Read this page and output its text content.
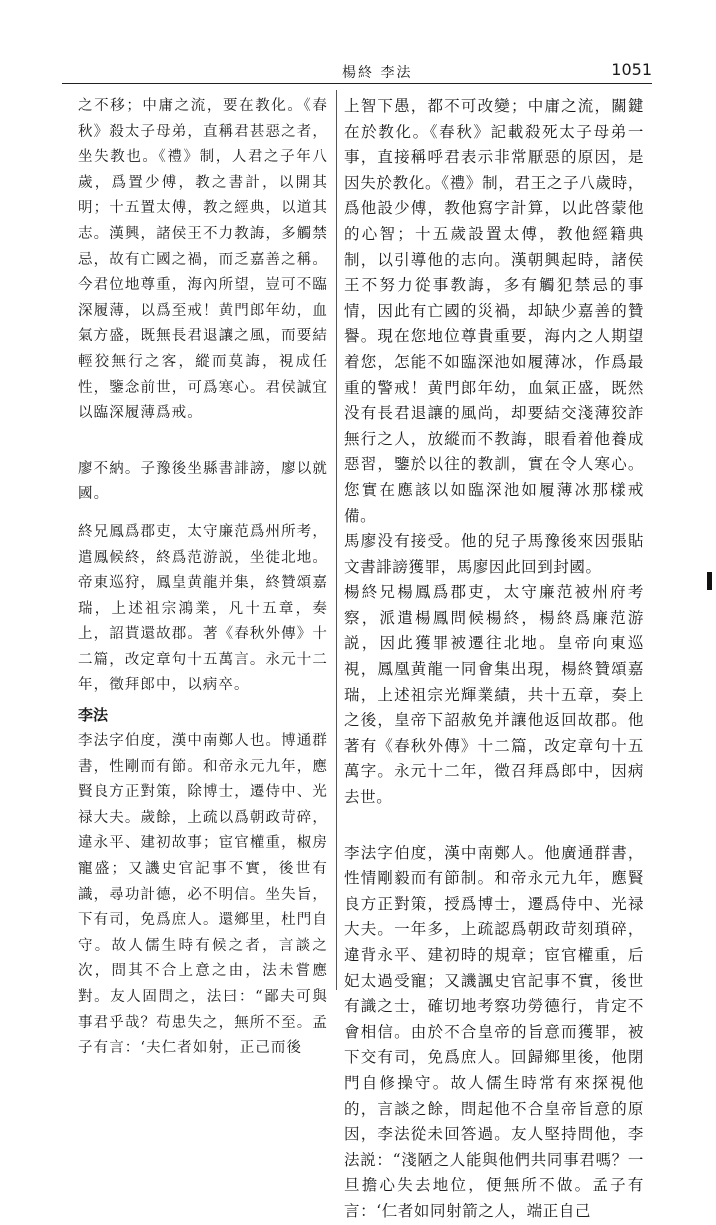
楊終 李法	1051

之不移；中庸之流，要在教化。《春秋》殺太子母弟，直稱君甚惡之者，坐失教也。《禮》制，人君之子年八歲，爲置少傅，教之書計，以開其明；十五置太傅，教之經典，以道其志。漢興，諸侯王不力教誨，多觸禁忌，故有亡國之禍，而乏嘉善之稱。今君位地尊重，海內所望，豈可不臨深履薄，以爲至戒！黄門郎年幼，血氣方盛，既無長君退讓之風，而要結輕狡無行之客，縱而莫誨，視成任性，鑒念前世，可爲寒心。君侯誠宜以臨深履薄爲戒。

廖不納。子豫後坐縣書誹謗，廖以就國。

終兄鳳爲郡吏，太守廉范爲州所考，遣鳳候終，終爲范游説，坐徙北地。帝東巡狩，鳳皇黄龍并集，終贊頌嘉瑞，上述祖宗鴻業，凡十五章，奏上，詔貰還故郡。著《春秋外傳》十二篇，改定章句十五萬言。永元十二年，徵拜郎中，以病卒。

李法

李法字伯度，漢中南鄭人也。博通群書，性剛而有節。和帝永元九年，應賢良方正對策，除博士，遷侍中、光禄大夫。歲餘，上疏以爲朝政苛碎，違永平、建初故事；宦官權重，椒房寵盛；又譏史官記事不實，後世有識，尋功計德，必不明信。坐失旨，下有司，免爲庶人。還鄉里，杜門自守。故人儒生時有候之者，言談之次，問其不合上意之由，法未嘗應對。友人固問之，法曰：“鄙夫可與事君乎哉？苟患失之，無所不至。孟子有言：‘夫仁者如射，正己而後

上智下愚，都不可改變；中庸之流，關鍵在於教化。《春秋》記載殺死太子母弟一事，直接稱呼君表示非常厭惡的原因，是因失於教化。《禮》制，君王之子八歲時，爲他設少傅，教他寫字計算，以此啓蒙他的心智；十五歲設置太傅，教他經籍典制，以引導他的志向。漢朝興起時，諸侯王不努力從事教誨，多有觸犯禁忌的事情，因此有亡國的災禍，却缺少嘉善的贊譽。現在您地位尊貴重要，海内之人期望着您，怎能不如臨深池如履薄冰，作爲最重的警戒！黄門郎年幼，血氣正盛，既然没有長君退讓的風尚，却要結交淺薄狡詐無行之人，放縱而不教誨，眼看着他養成惡習，鑒於以往的教訓，實在令人寒心。您實在應該以如臨深池如履薄冰那樣戒備。

馬廖没有接受。他的兒子馬豫後來因張貼文書誹謗獲罪，馬廖因此回到封國。

楊終兄楊鳳爲郡吏，太守廉范被州府考察，派遣楊鳳問候楊終，楊終爲廉范游説，因此獲罪被遷往北地。皇帝向東巡視，鳳凰黄龍一同會集出現，楊終贊頌嘉瑞，上述祖宗光輝業績，共十五章，奏上之後，皇帝下詔赦免并讓他返回故郡。他著有《春秋外傳》十二篇，改定章句十五萬字。永元十二年，徵召拜爲郎中，因病去世。

李法字伯度，漢中南鄭人。他廣通群書，性情剛毅而有節制。和帝永元九年，應賢良方正對策，授爲博士，遷爲侍中、光禄大夫。一年多，上疏認爲朝政苛刻瑣碎，違背永平、建初時的規章；宦官權重，后妃太過受寵；又譏諷史官記事不實，後世有識之士，確切地考察功勞德行，肯定不會相信。由於不合皇帝的旨意而獲罪，被下交有司，免爲庶人。回歸鄉里後，他閉門自修操守。故人儒生時常有來探視他的，言談之餘，問起他不合皇帝旨意的原因，李法從未回答過。友人堅持問他，李法説：“淺陋之人能與他們共同事君嗎？一旦擔心失去地位，便無所不做。孟子有言：‘仁者如同射箭之人，端正自己
